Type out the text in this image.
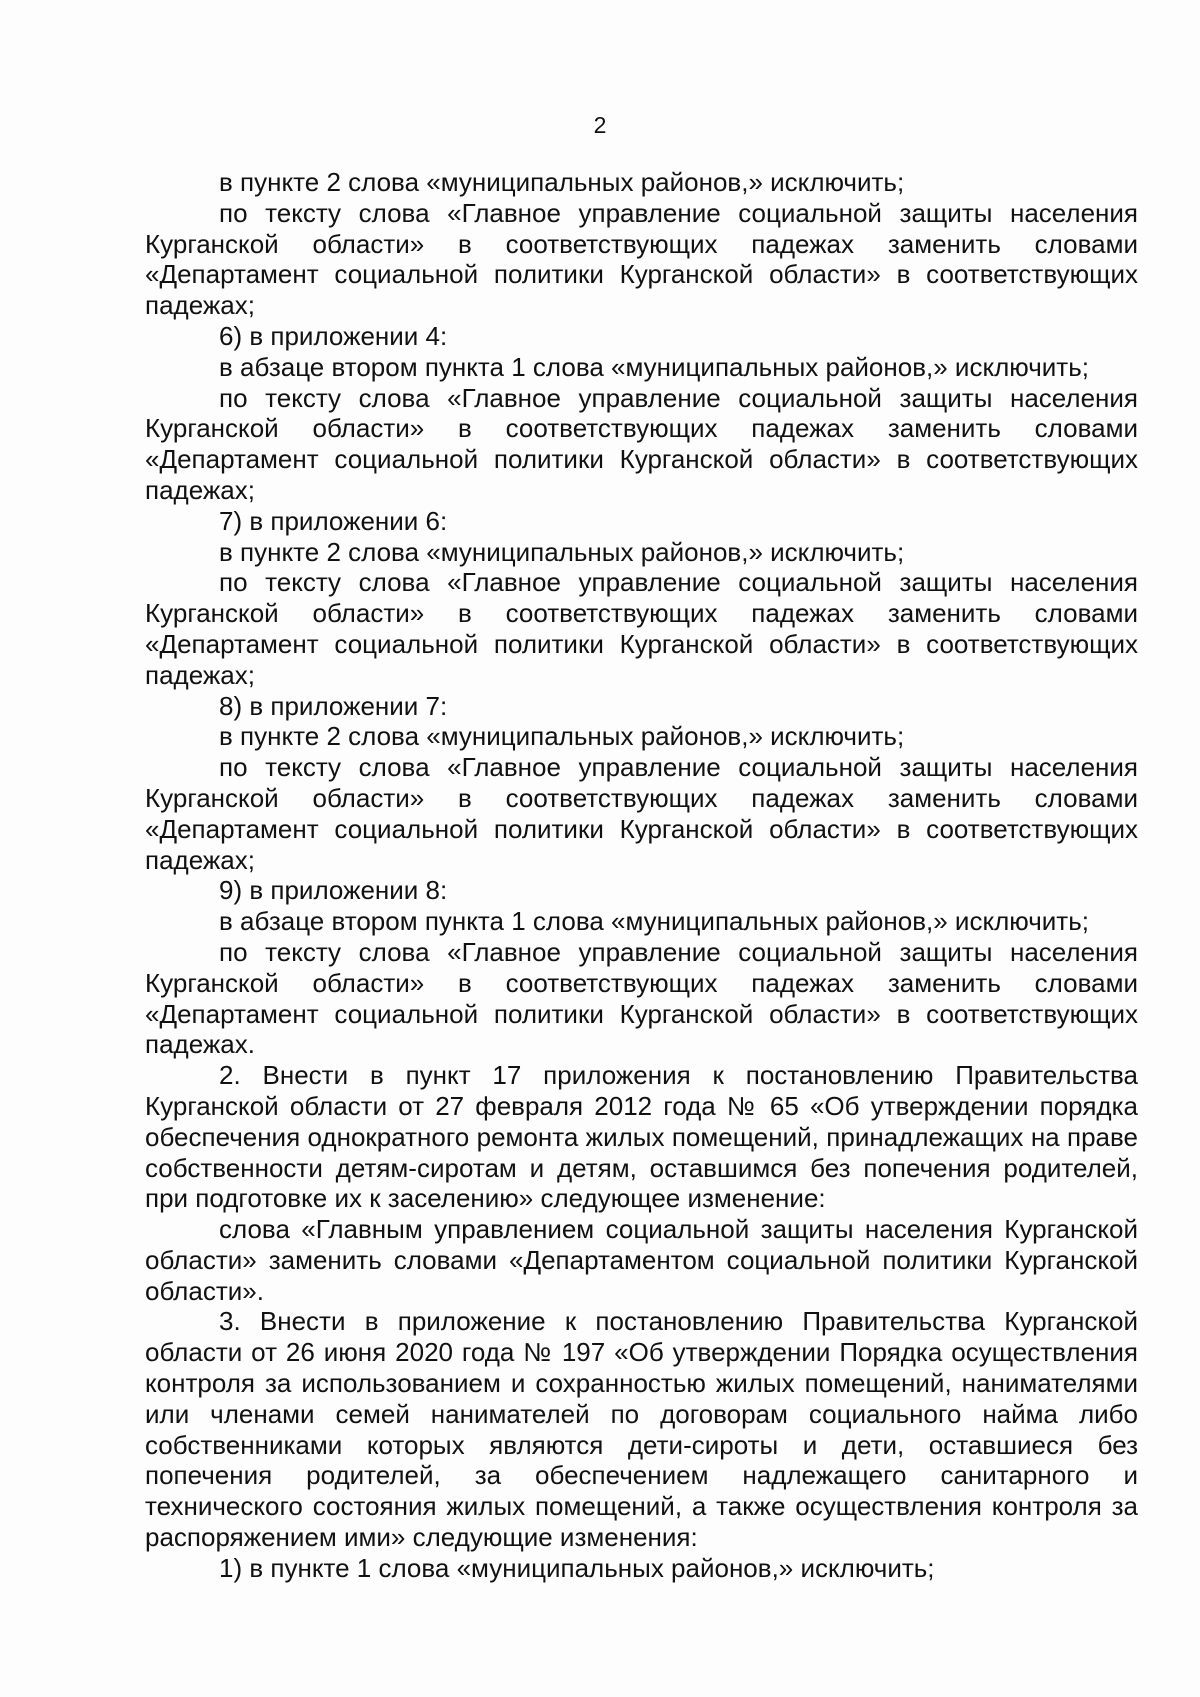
2

в пункте 2 слова «муниципальных районов,» исключить;

по тексту слова «Главное управление социальной защиты населения Курганской области» в соответствующих падежах заменить словами «Департамент социальной политики Курганской области» в соответствующих падежах;

6) в приложении 4:

в абзаце втором пункта 1 слова «муниципальных районов,» исключить;

по тексту слова «Главное управление социальной защиты населения Курганской области» в соответствующих падежах заменить словами «Департамент социальной политики Курганской области» в соответствующих падежах;

7) в приложении 6:

в пункте 2 слова «муниципальных районов,» исключить;

по тексту слова «Главное управление социальной защиты населения Курганской области» в соответствующих падежах заменить словами «Департамент социальной политики Курганской области» в соответствующих падежах;

8) в приложении 7:

в пункте 2 слова «муниципальных районов,» исключить;

по тексту слова «Главное управление социальной защиты населения Курганской области» в соответствующих падежах заменить словами «Департамент социальной политики Курганской области» в соответствующих падежах;

9) в приложении 8:

в абзаце втором пункта 1 слова «муниципальных районов,» исключить;

по тексту слова «Главное управление социальной защиты населения Курганской области» в соответствующих падежах заменить словами «Департамент социальной политики Курганской области» в соответствующих падежах.

2. Внести в пункт 17 приложения к постановлению Правительства Курганской области от 27 февраля 2012 года № 65 «Об утверждении порядка обеспечения однократного ремонта жилых помещений, принадлежащих на праве собственности детям-сиротам и детям, оставшимся без попечения родителей, при подготовке их к заселению» следующее изменение:

слова «Главным управлением социальной защиты населения Курганской области» заменить словами «Департаментом социальной политики Курганской области».

3. Внести в приложение к постановлению Правительства Курганской области от 26 июня 2020 года № 197 «Об утверждении Порядка осуществления контроля за использованием и сохранностью жилых помещений, нанимателями или членами семей нанимателей по договорам социального найма либо собственниками которых являются дети-сироты и дети, оставшиеся без попечения родителей, за обеспечением надлежащего санитарного и технического состояния жилых помещений, а также осуществления контроля за распоряжением ими» следующие изменения:

1) в пункте 1 слова «муниципальных районов,» исключить;
